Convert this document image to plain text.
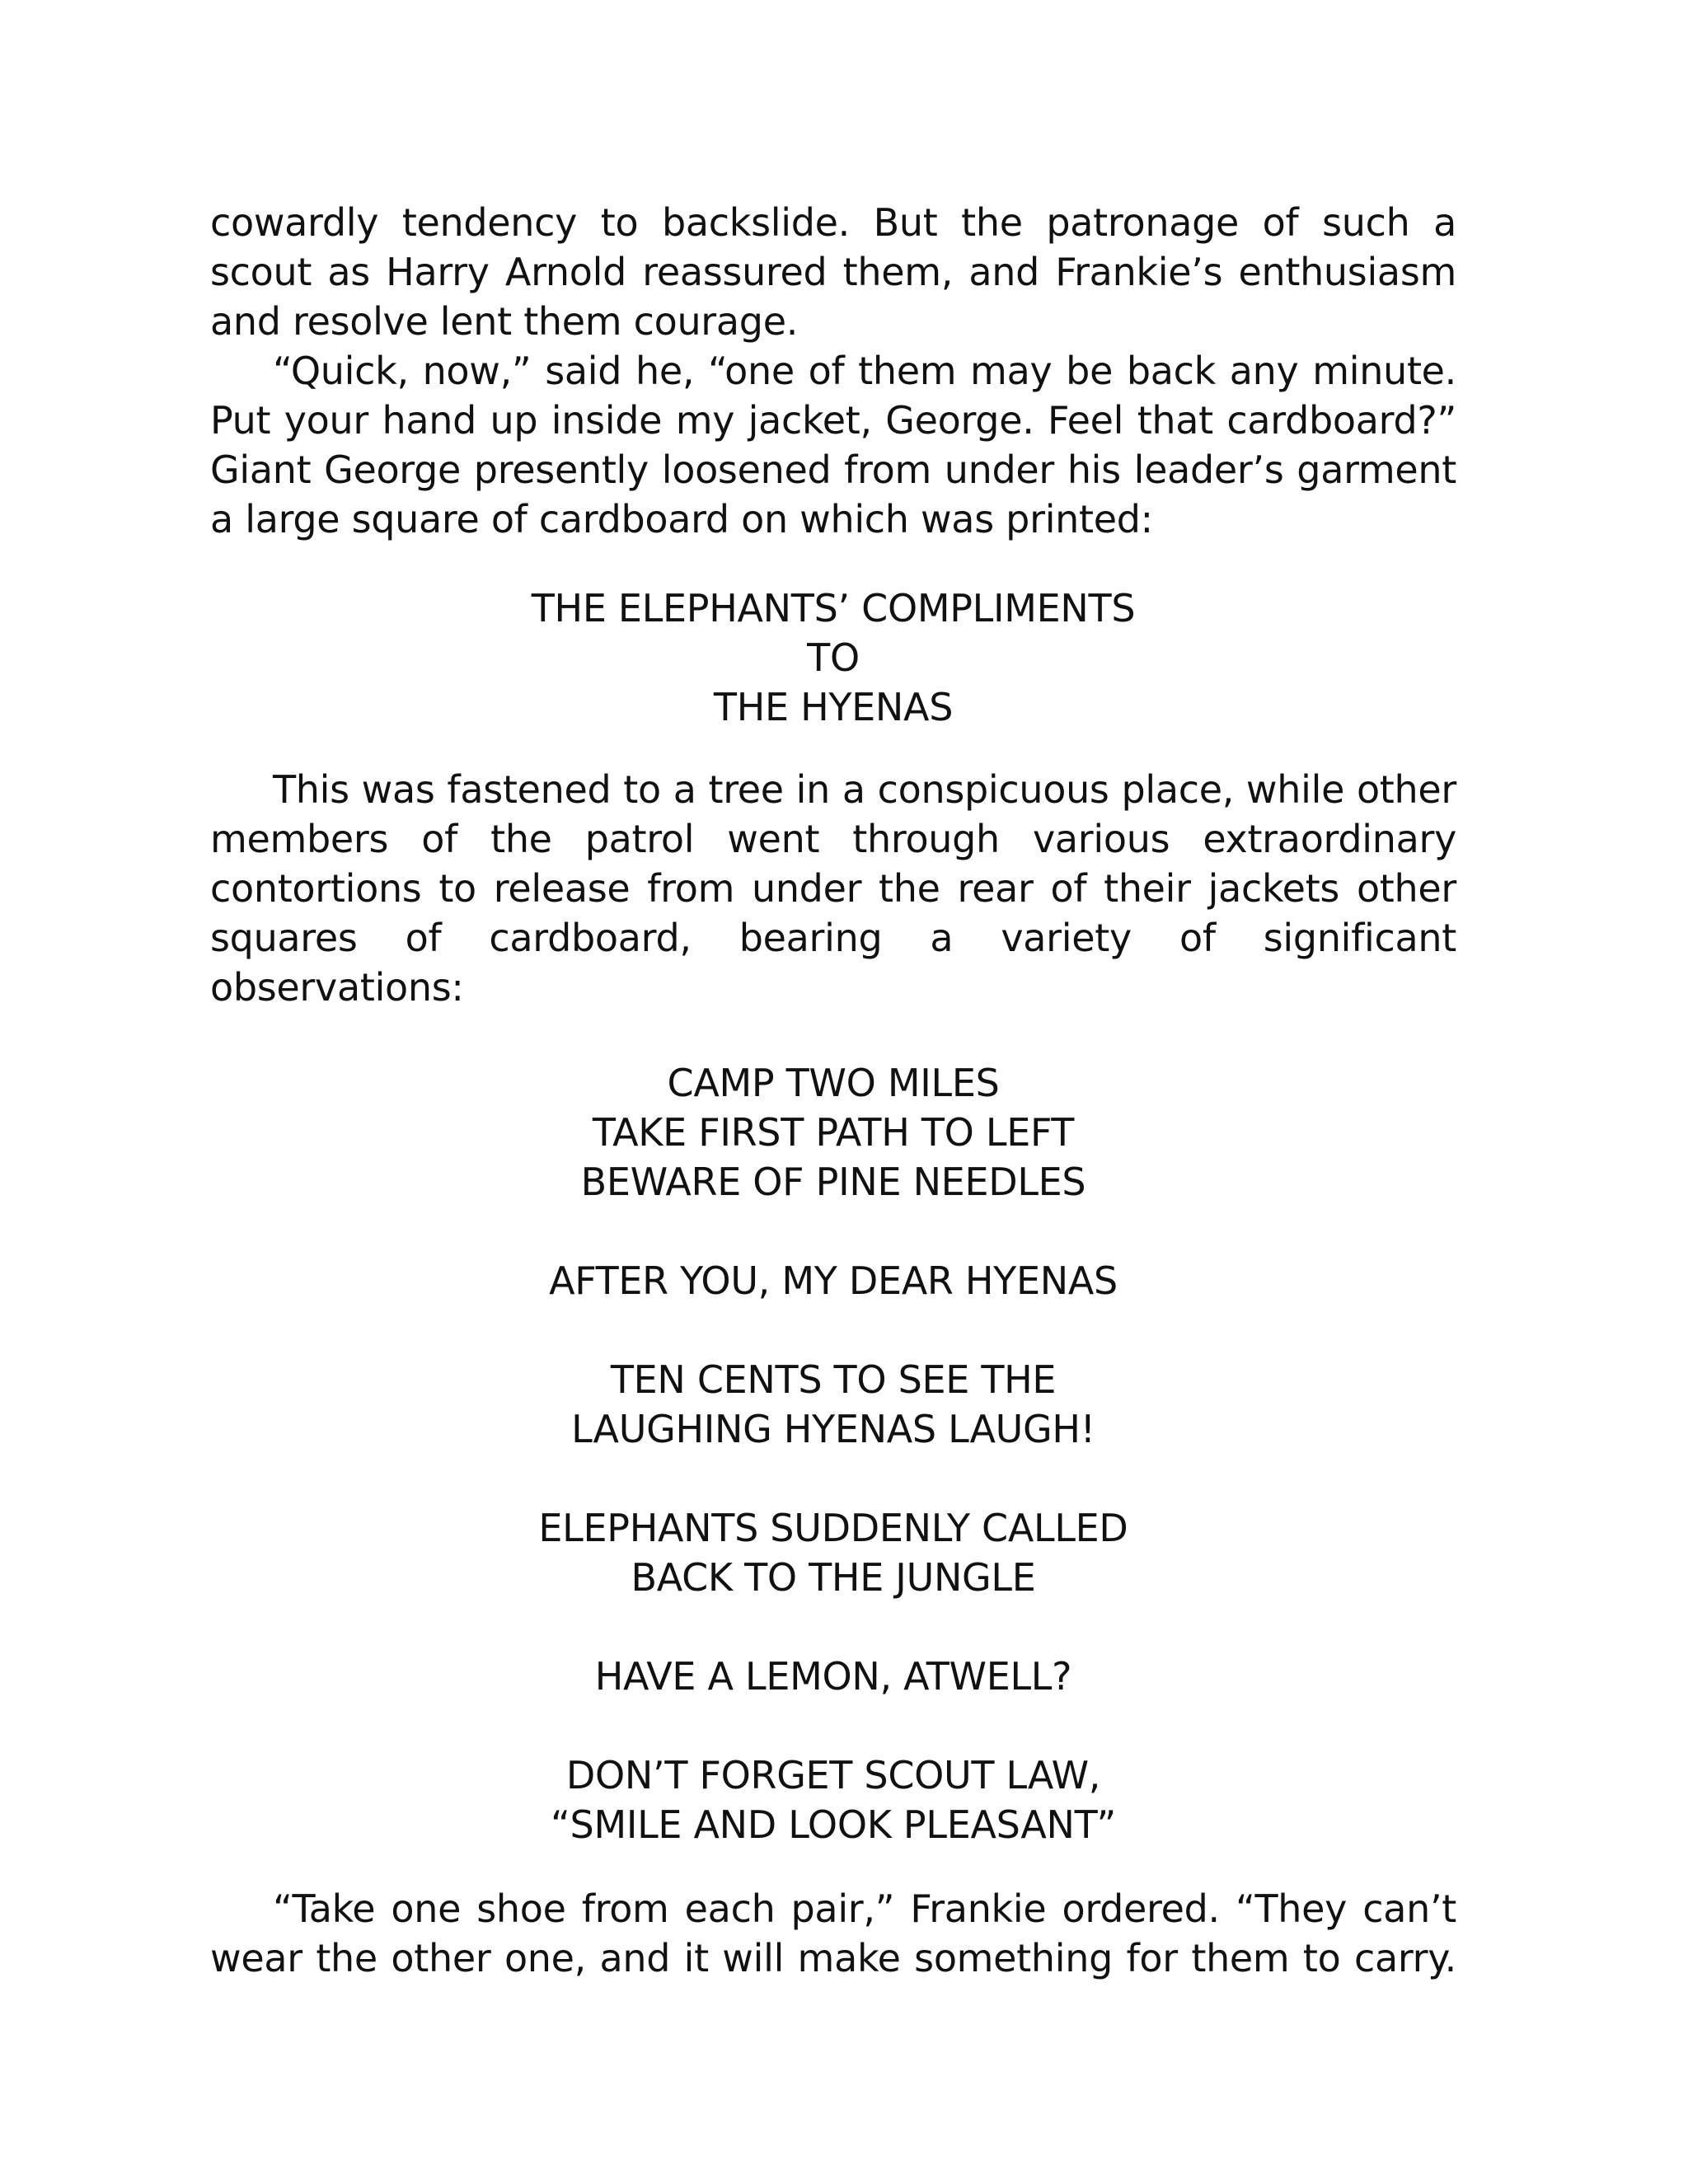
cowardly tendency to backslide. But the patronage of such a scout as Harry Arnold reassured them, and Frankie’s enthusiasm and resolve lent them courage.

“Quick, now,” said he, “one of them may be back any minute. Put your hand up inside my jacket, George. Feel that cardboard?” Giant George presently loosened from under his leader’s garment a large square of cardboard on which was printed:

THE ELEPHANTS’ COMPLIMENTS
TO
THE HYENAS

This was fastened to a tree in a conspicuous place, while other members of the patrol went through various extraordinary contortions to release from under the rear of their jackets other squares of cardboard, bearing a variety of significant observations:

CAMP TWO MILES
TAKE FIRST PATH TO LEFT
BEWARE OF PINE NEEDLES
AFTER YOU, MY DEAR HYENAS
TEN CENTS TO SEE THE
LAUGHING HYENAS LAUGH!
ELEPHANTS SUDDENLY CALLED
BACK TO THE JUNGLE
HAVE A LEMON, ATWELL?
DON’T FORGET SCOUT LAW,
“SMILE AND LOOK PLEASANT”

“Take one shoe from each pair,” Frankie ordered. “They can’t wear the other one, and it will make something for them to carry.
